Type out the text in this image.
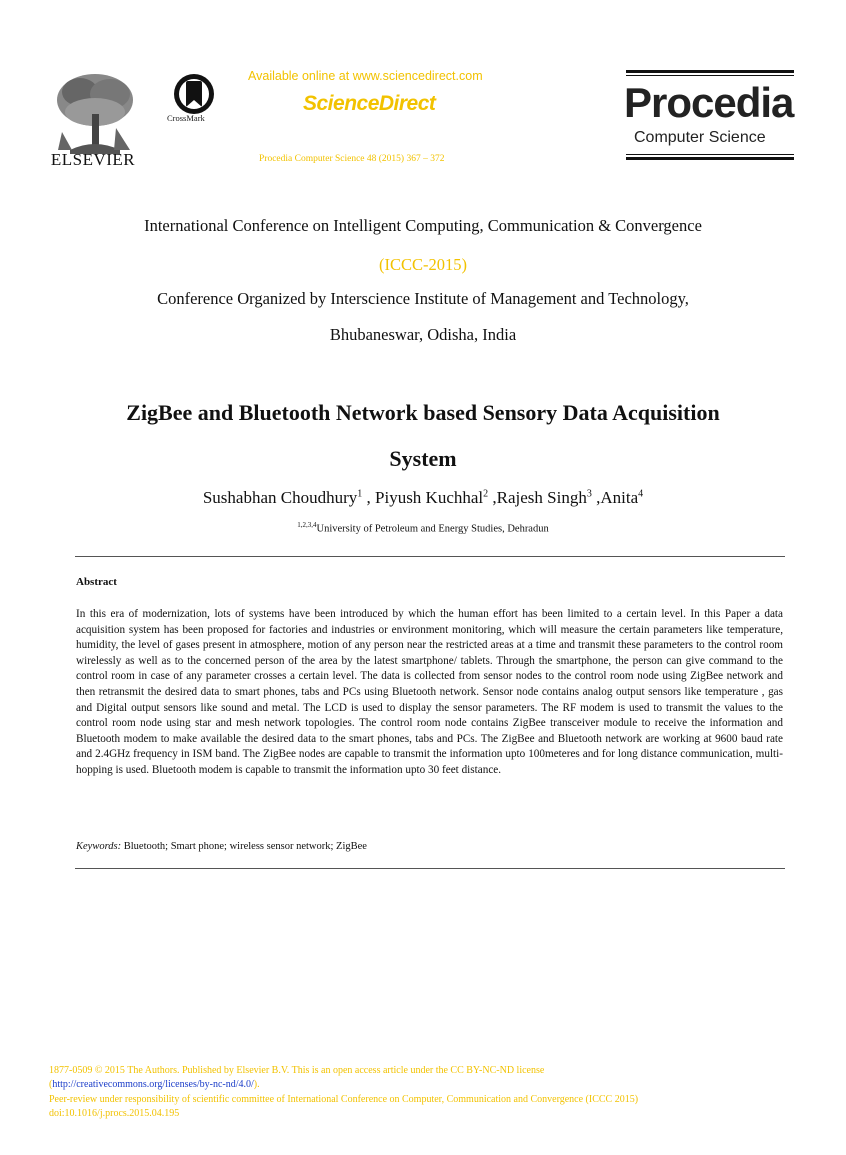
ELSEVIER
CrossMark
Available online at www.sciencedirect.com
ScienceDirect
Procedia Computer Science 48 (2015) 367 – 372
Procedia
Computer Science
International Conference on Intelligent Computing, Communication & Convergence
(ICCC-2015)
Conference Organized by Interscience Institute of Management and Technology,
Bhubaneswar, Odisha, India
ZigBee and Bluetooth Network based Sensory Data Acquisition
System
Sushabhan Choudhury$^1$ , Piyush Kuchhal$^2$ ,Rajesh Singh$^3$ ,Anita$^4$
$^{1,2,3,4}$University of Petroleum and Energy Studies, Dehradun
Abstract
In this era of modernization, lots of systems have been introduced by which the human effort has been limited to a certain level. In this Paper a data acquisition system has been proposed for factories and industries or environment monitoring, which will measure the certain parameters like temperature, humidity, the level of gases present in atmosphere, motion of any person near the restricted areas at a time and transmit these parameters to the control room wirelessly as well as to the concerned person of the area by the latest smartphone/ tablets. Through the smartphone, the person can give command to the control room in case of any parameter crosses a certain level. The data is collected from sensor nodes to the control room node using ZigBee network and then retransmit the desired data to smart phones, tabs and PCs using Bluetooth network. Sensor node contains analog output sensors like temperature , gas and Digital output sensors like sound and metal. The LCD is used to display the sensor parameters. The RF modem is used to transmit the values to the control room node using star and mesh network topologies. The control room node contains ZigBee transceiver module to receive the information and Bluetooth modem to make available the desired data to the smart phones, tabs and PCs. The ZigBee and Bluetooth network are working at 9600 baud rate and 2.4GHz frequency in ISM band. The ZigBee nodes are capable to transmit the information upto 100meteres and for long distance communication, multi-hopping is used. Bluetooth modem is capable to transmit the information upto 30 feet distance.
Keywords: Bluetooth; Smart phone; wireless sensor network; ZigBee
1877-0509 © 2015 The Authors. Published by Elsevier B.V. This is an open access article under the CC BY-NC-ND license
(http://creativecommons.org/licenses/by-nc-nd/4.0/).
Peer-review under responsibility of scientific committee of International Conference on Computer, Communication and Convergence (ICCC 2015)
doi:10.1016/j.procs.2015.04.195
